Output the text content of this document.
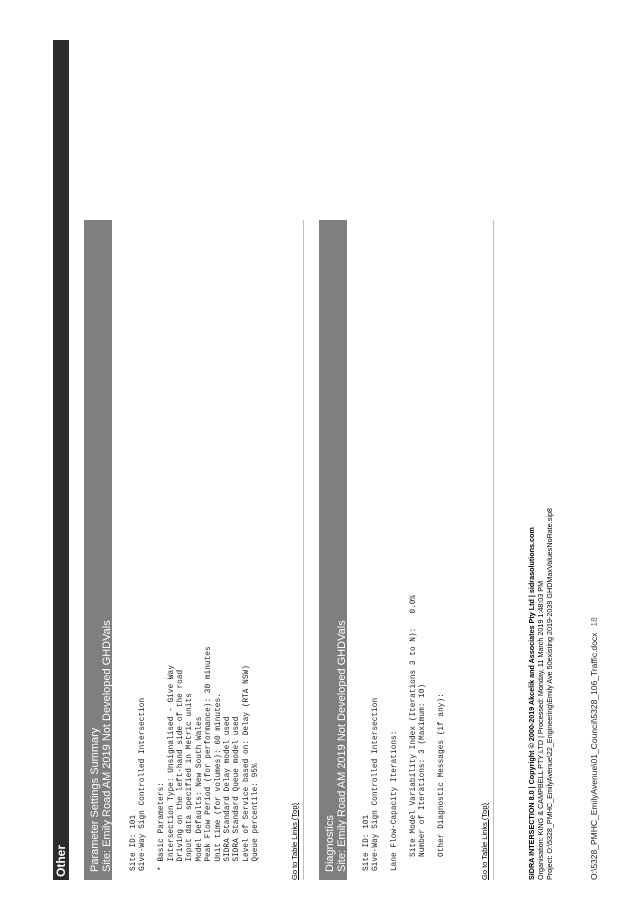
Other Parameter Settings Summary Site: Emily Road AM 2019 Not Developed GHDVals Site ID: 101 Give-Way Sign Controlled Intersection
* Basic Parameters: Intersection Type: Unsignalised - Give Way Driving on the left-hand side of the road Input data specified in Metric units Model Defaults: New South Wales Peak Flow Period (for performance): 30 minutes Unit time (for volumes): 60 minutes. SIDRA Standard Delay model used SIDRA Standard Queue model used Level of Service based on: Delay (RTA NSW) Queue percentile: 95%	Go to Table Links (Top) Diagnostics Site: Emily Road AM 2019 Not Developed GHDVals Site ID: 101 Give-Way Sign Controlled Intersection
Lane Flow-Capacity Iterations:
Site Model Variability Index (Iterations 3 to N):   0.0% Number of Iterations: 3 (Maximum: 10)
Other Diagnostic Messages (if any):	Go to Table Links (Top)	SIDRA INTERSECTION 8.0 | Copyright © 2000-2019 Akcelik and Associates Pty Ltd | sidrasolutions.com Organisation: KING & CAMPBELL PTY LTD | Processed: Monday, 11 March 2019 1:48:03 PM Project: O:\5328_PMHC_EmilyAvenue\22_Engineering\Emily Ave 50existing 2019-2039 GHDMaxValuesNoRate.sip8	O:\5328_PMHC_EmilyAvenue\01_Council\5328_106_Traffic.docx18
